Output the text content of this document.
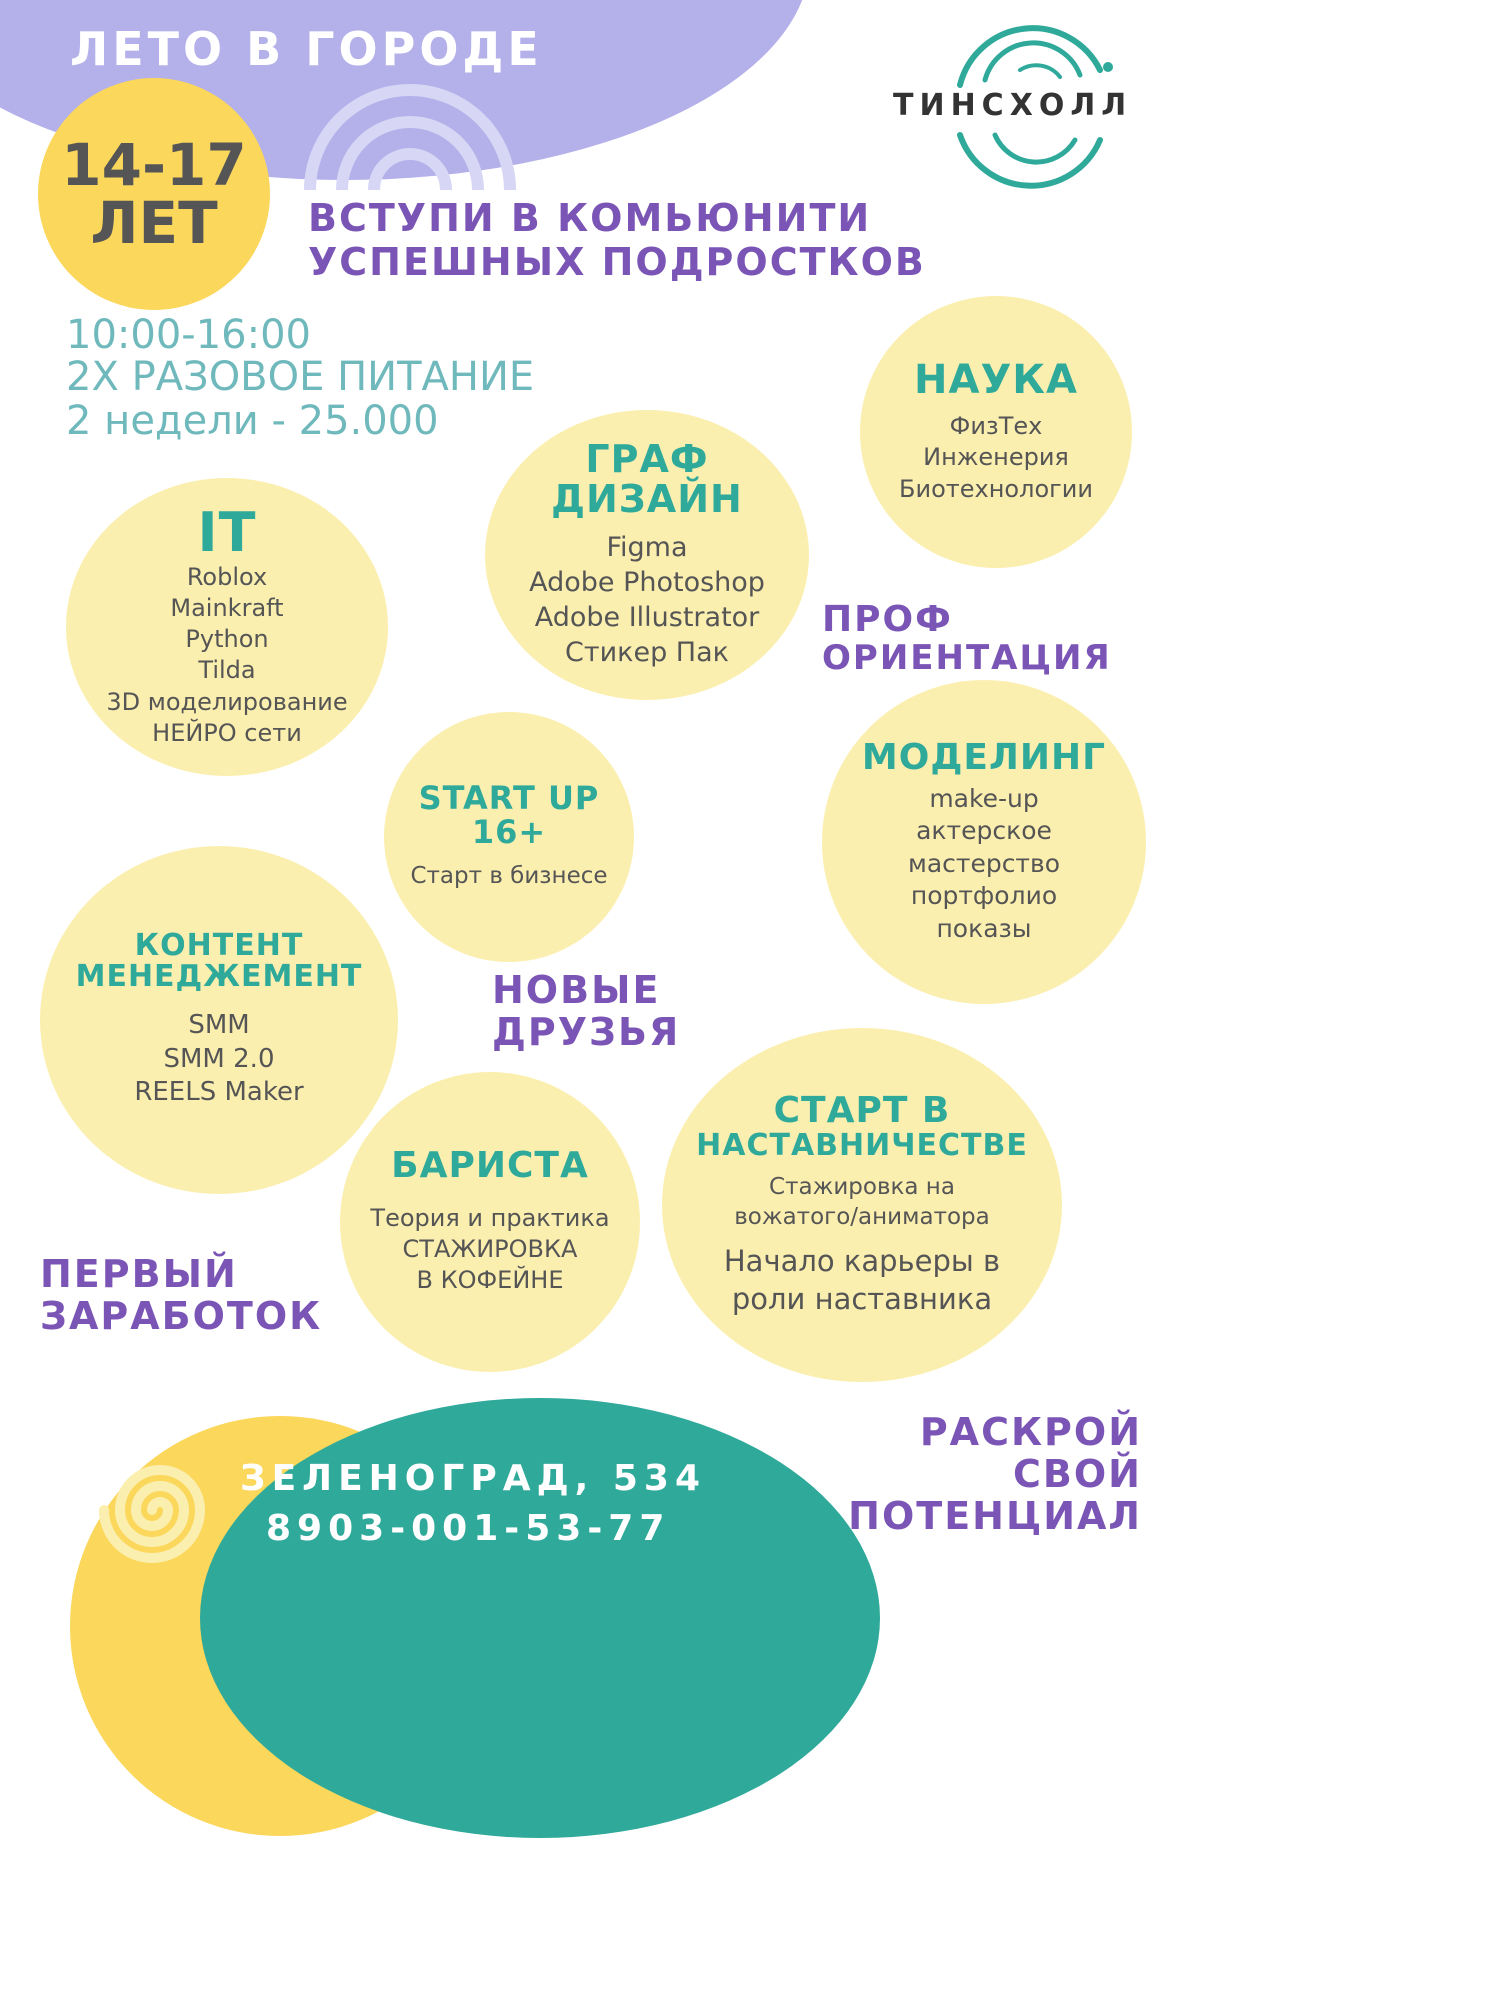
ЛЕТО В ГОРОДЕ
ТИНСХОЛЛ
14-17
ЛЕТ ВСТУПИ В КОМЬЮНИТИ
УСПЕШНЫХ ПОДРОСТКОВ
10:00-16:00
2Х РАЗОВОЕ ПИТАНИЕ
2 недели - 25.000
НАУКА
ФизТех
Инженерия
Биотехнологии
ГРАФ
ДИЗАЙН
Figma
Adobe Photoshop
Adobe Illustrator
Стикер Пак
IT
Roblox
Mainkraft
Python
Tilda
3D моделирование
НЕЙРО сети
ПРОФ
ОРИЕНТАЦИЯ
START UP
16+
Старт в бизнесе
МОДЕЛИНГ
make-up
актерское
мастерство
портфолио
показы
КОНТЕНТ
МЕНЕДЖЕМЕНТ
SMM
SMM 2.0
REELS Maker
НОВЫЕ
ДРУЗЬЯ
БАРИСТА
Теория и практика
СТАЖИРОВКА
В КОФЕЙНЕ
СТАРТ В
НАСТАВНИЧЕСТВЕ
Стажировка на
вожатого/аниматора
Начало карьеры в
роли наставника
ПЕРВЫЙ
ЗАРАБОТОК
ЗЕЛЕНОГРАД, 534
8903-001-53-77
РАСКРОЙ
СВОЙ
ПОТЕНЦИАЛ
